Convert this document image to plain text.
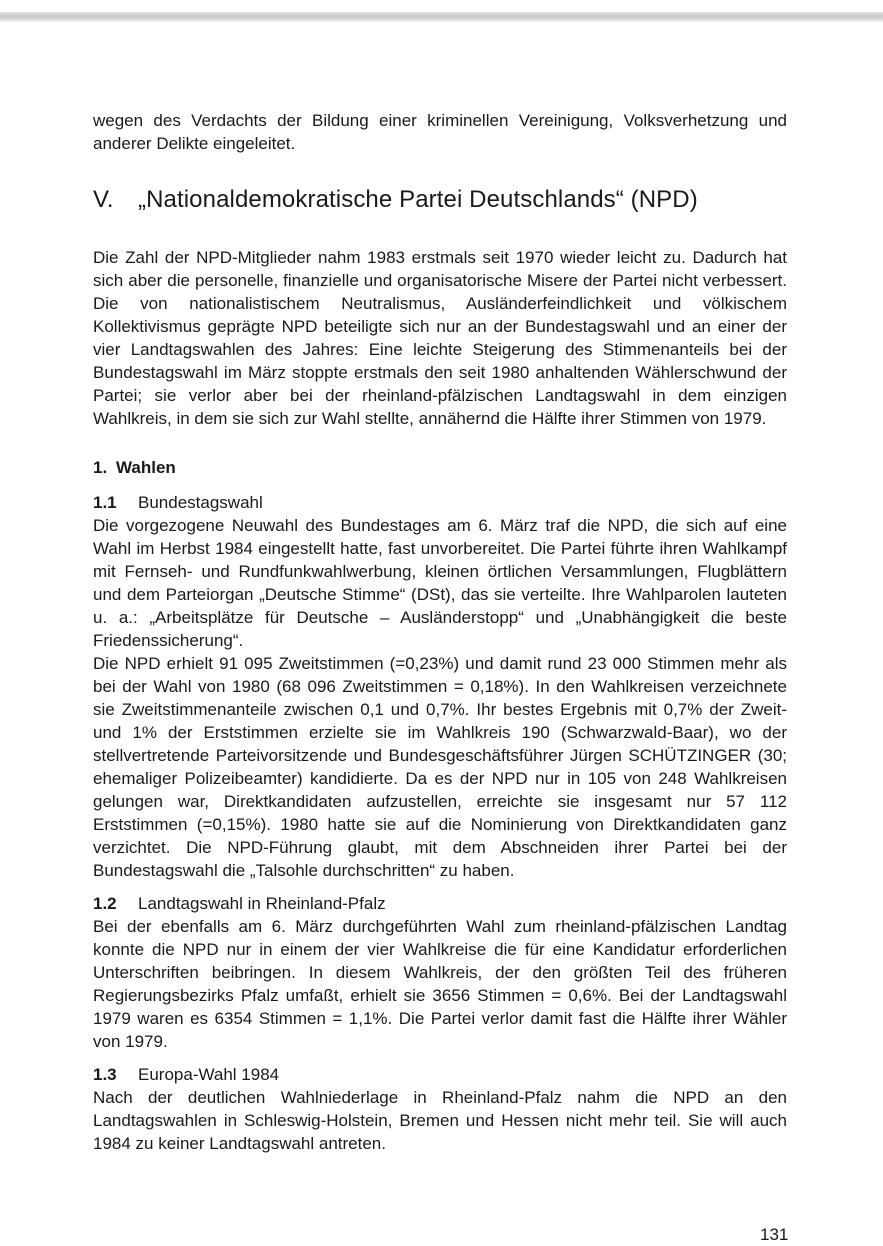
wegen des Verdachts der Bildung einer kriminellen Vereinigung, Volksverhetzung und anderer Delikte eingeleitet.

V. „Nationaldemokratische Partei Deutschlands“ (NPD)

Die Zahl der NPD-Mitglieder nahm 1983 erstmals seit 1970 wieder leicht zu. Dadurch hat sich aber die personelle, finanzielle und organisatorische Misere der Partei nicht verbessert. Die von nationalistischem Neutralismus, Ausländerfeindlichkeit und völkischem Kollektivismus geprägte NPD beteiligte sich nur an der Bundestagswahl und an einer der vier Landtagswahlen des Jahres: Eine leichte Steigerung des Stimmenanteils bei der Bundestagswahl im März stoppte erstmals den seit 1980 anhaltenden Wählerschwund der Partei; sie verlor aber bei der rheinland-pfälzischen Landtagswahl in dem einzigen Wahlkreis, in dem sie sich zur Wahl stellte, annähernd die Hälfte ihrer Stimmen von 1979.

1. Wahlen
1.1 Bundestagswahl

Die vorgezogene Neuwahl des Bundestages am 6. März traf die NPD, die sich auf eine Wahl im Herbst 1984 eingestellt hatte, fast unvorbereitet. Die Partei führte ihren Wahlkampf mit Fernseh- und Rundfunkwahlwerbung, kleinen örtlichen Versammlungen, Flugblättern und dem Parteiorgan „Deutsche Stimme“ (DSt), das sie verteilte. Ihre Wahlparolen lauteten u. a.: „Arbeitsplätze für Deutsche – Ausländerstopp“ und „Unabhängigkeit die beste Friedenssicherung“.

Die NPD erhielt 91 095 Zweitstimmen (=0,23%) und damit rund 23 000 Stimmen mehr als bei der Wahl von 1980 (68 096 Zweitstimmen = 0,18%). In den Wahlkreisen verzeichnete sie Zweitstimmenanteile zwischen 0,1 und 0,7%. Ihr bestes Ergebnis mit 0,7% der Zweit- und 1% der Erststimmen erzielte sie im Wahlkreis 190 (Schwarzwald-Baar), wo der stellvertretende Parteivorsitzende und Bundesgeschäftsführer Jürgen SCHÜTZINGER (30; ehemaliger Polizeibeamter) kandidierte. Da es der NPD nur in 105 von 248 Wahlkreisen gelungen war, Direktkandidaten aufzustellen, erreichte sie insgesamt nur 57 112 Erststimmen (=0,15%). 1980 hatte sie auf die Nominierung von Direktkandidaten ganz verzichtet. Die NPD-Führung glaubt, mit dem Abschneiden ihrer Partei bei der Bundestagswahl die „Talsohle durchschritten“ zu haben.

1.2 Landtagswahl in Rheinland-Pfalz

Bei der ebenfalls am 6. März durchgeführten Wahl zum rheinland-pfälzischen Landtag konnte die NPD nur in einem der vier Wahlkreise die für eine Kandidatur erforderlichen Unterschriften beibringen. In diesem Wahlkreis, der den größten Teil des früheren Regierungsbezirks Pfalz umfaßt, erhielt sie 3656 Stimmen = 0,6%. Bei der Landtagswahl 1979 waren es 6354 Stimmen = 1,1%. Die Partei verlor damit fast die Hälfte ihrer Wähler von 1979.

1.3 Europa-Wahl 1984

Nach der deutlichen Wahlniederlage in Rheinland-Pfalz nahm die NPD an den Landtagswahlen in Schleswig-Holstein, Bremen und Hessen nicht mehr teil. Sie will auch 1984 zu keiner Landtagswahl antreten.

131
